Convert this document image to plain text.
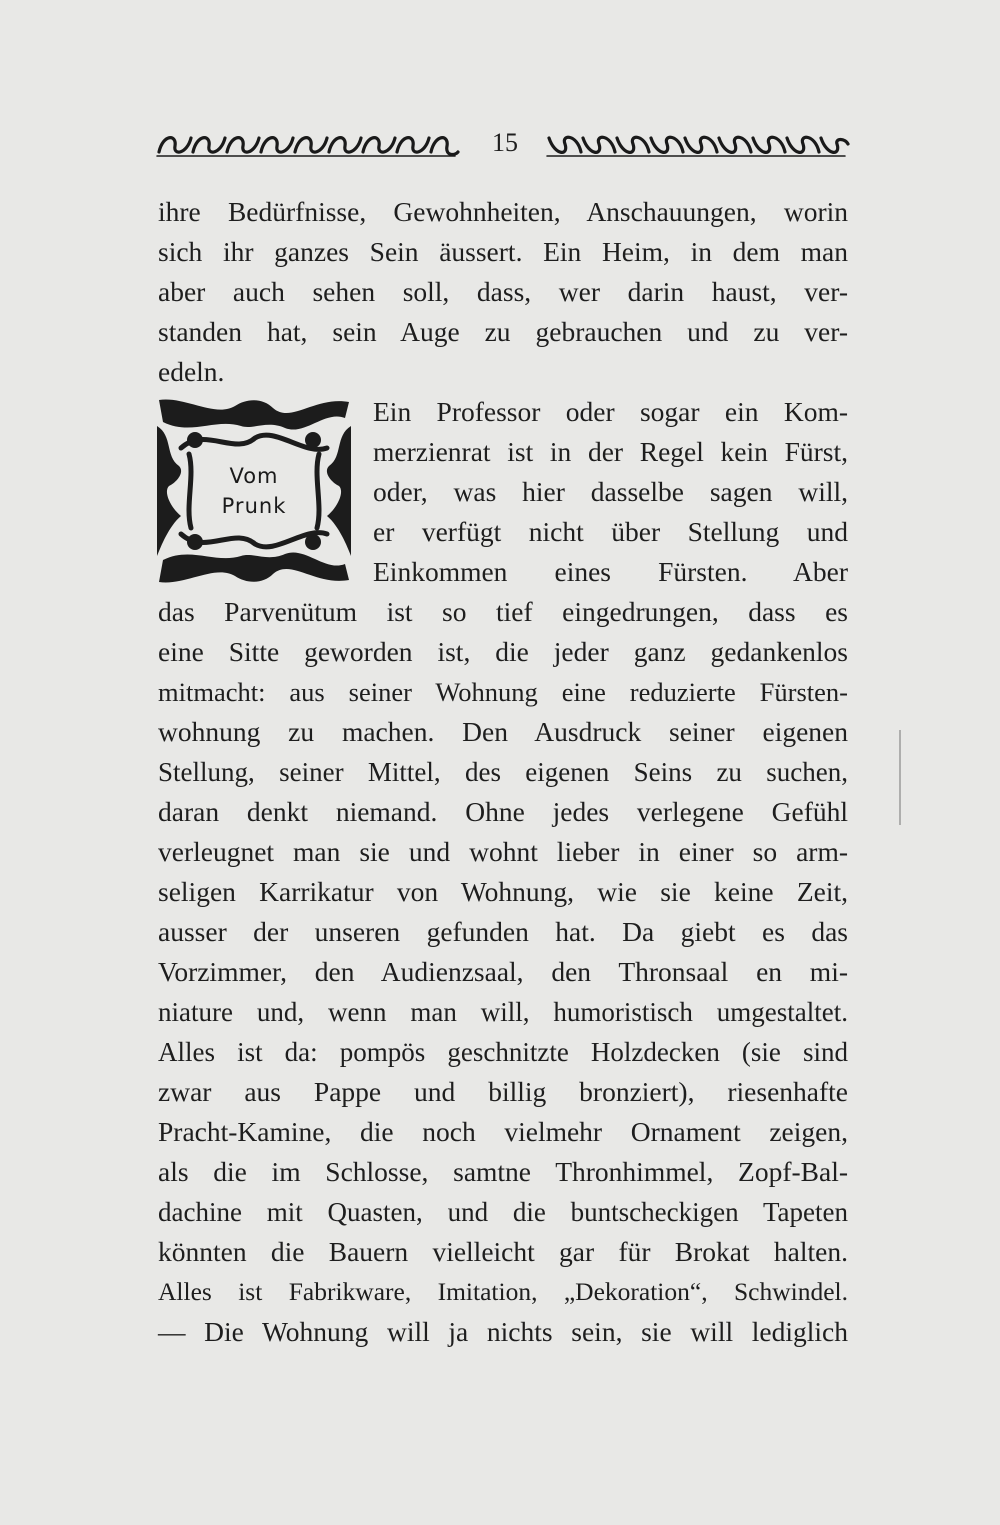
15
ihre Bedürfnisse, Gewohnheiten, Anschauungen, worin
sich ihr ganzes Sein äussert. Ein Heim, in dem man
aber auch sehen soll, dass, wer darin haust, ver-
standen hat, sein Auge zu gebrauchen und zu ver-
edeln.
Vom
Prunk
Ein Professor oder sogar ein Kom-
merzienrat ist in der Regel kein Fürst,
oder, was hier dasselbe sagen will,
er verfügt nicht über Stellung und
Einkommen eines Fürsten. Aber
das Parvenütum ist so tief eingedrungen, dass es
eine Sitte geworden ist, die jeder ganz gedankenlos
mitmacht: aus seiner Wohnung eine reduzierte Fürsten-
wohnung zu machen. Den Ausdruck seiner eigenen
Stellung, seiner Mittel, des eigenen Seins zu suchen,
daran denkt niemand. Ohne jedes verlegene Gefühl
verleugnet man sie und wohnt lieber in einer so arm-
seligen Karrikatur von Wohnung, wie sie keine Zeit,
ausser der unseren gefunden hat. Da giebt es das
Vorzimmer, den Audienzsaal, den Thronsaal en mi-
niature und, wenn man will, humoristisch umgestaltet.
Alles ist da: pompös geschnitzte Holzdecken (sie sind
zwar aus Pappe und billig bronziert), riesenhafte
Pracht-Kamine, die noch vielmehr Ornament zeigen,
als die im Schlosse, samtne Thronhimmel, Zopf-Bal-
dachine mit Quasten, und die buntscheckigen Tapeten
könnten die Bauern vielleicht gar für Brokat halten.
Alles ist Fabrikware, Imitation, „Dekoration“, Schwindel.
— Die Wohnung will ja nichts sein, sie will lediglich
